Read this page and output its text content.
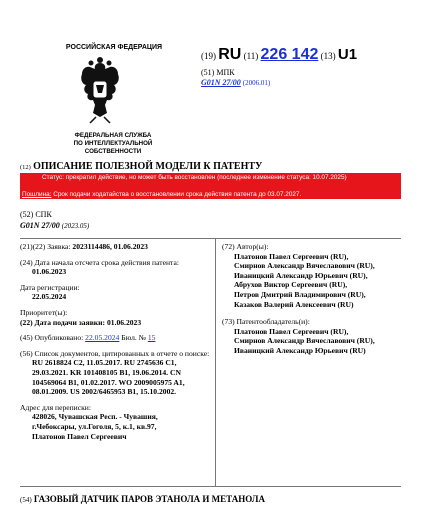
РОССИЙСКАЯ ФЕДЕРАЦИЯ
ФЕДЕРАЛЬНАЯ СЛУЖБА
ПО ИНТЕЛЛЕКТУАЛЬНОЙ СОБСТВЕННОСТИ
(19) RU (11) 226 142 (13) U1
(51) МПК
G01N 27/00 (2006.01)
(12) ОПИСАНИЕ ПОЛЕЗНОЙ МОДЕЛИ К ПАТЕНТУ
Статус: прекратил действие, но может быть восстановлен (последнее изменение статуса: 10.07.2025)
Пошлина: Срок подачи ходатайства о восстановлении срока действия патента до 03.07.2027.
(52) СПК
G01N 27/00 (2023.05)
(21)(22) Заявка: 2023114486, 01.06.2023
(24) Дата начала отсчета срока действия патента:
01.06.2023
Дата регистрации:
22.05.2024
Приоритет(ы):
(22) Дата подачи заявки: 01.06.2023
(45) Опубликовано: 22.05.2024 Бюл. № 15
(56) Список документов, цитированных в отчете о поиске:
RU 2618824 C2, 11.05.2017. RU 2745636 C1, 29.03.2021. KR 101408105 B1, 19.06.2014. CN 104569064 B1, 01.02.2017. WO 2009005975 A1, 08.01.2009. US 2002/6465953 B1, 15.10.2002.
Адрес для переписки:
428026, Чувашская Респ. - Чувашия,
г.Чебоксары, ул.Гоголя, 5, к.1, кв.97,
Платонов Павел Сергеевич
(72) Автор(ы):
Платонов Павел Сергеевич (RU),
Смирнов Александр Вячеславович (RU),
Иваницкий Александр Юрьевич (RU),
Абрухов Виктор Сергеевич (RU),
Петров Дмитрий Владимирович (RU),
Казаков Валерий Алексеевич (RU)
(73) Патентообладатель(и):
Платонов Павел Сергеевич (RU),
Смирнов Александр Вячеславович (RU),
Иваницкий Александр Юрьевич (RU)
(54) ГАЗОВЫЙ ДАТЧИК ПАРОВ ЭТАНОЛА И МЕТАНОЛА
